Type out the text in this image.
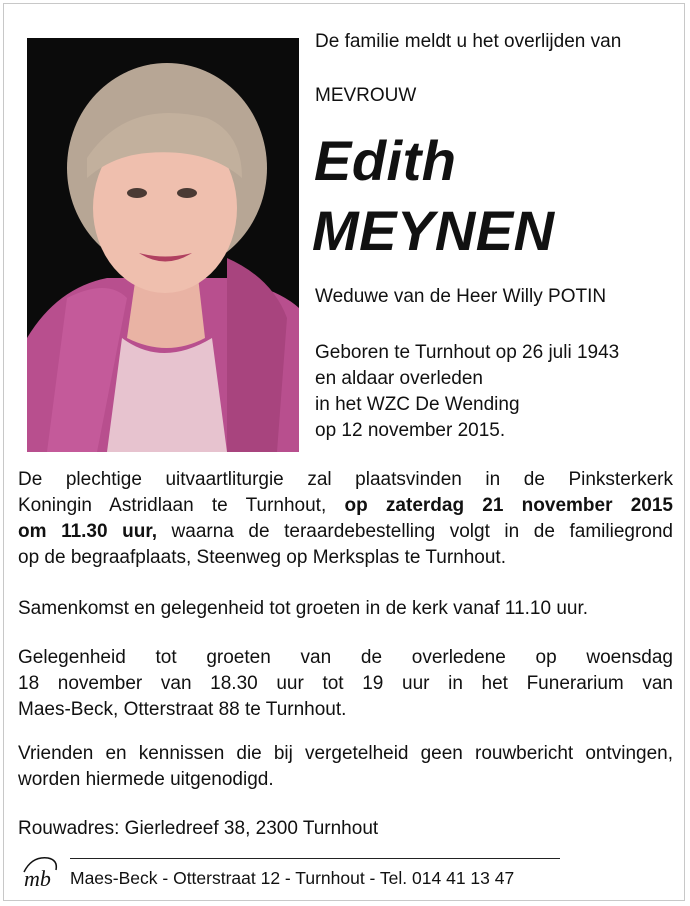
De familie meldt u het overlijden van
MEVROUW
Edith
MEYNEN
Weduwe van de Heer Willy POTIN
Geboren te Turnhout op 26 juli 1943
en aldaar overleden
in het WZC De Wending
op 12 november 2015.
De plechtige uitvaartliturgie zal plaatsvinden in de Pinksterkerk
Koningin Astridlaan te Turnhout, op zaterdag 21 november 2015
om 11.30 uur, waarna de teraardebestelling volgt in de familiegrond
op de begraafplaats, Steenweg op Merksplas te Turnhout.
Samenkomst en gelegenheid tot groeten in de kerk vanaf 11.10 uur.
Gelegenheid tot groeten van de overledene op woensdag
18 november van 18.30 uur tot 19 uur in het Funerarium van
Maes-Beck, Otterstraat 88 te Turnhout.
Vrienden en kennissen die bij vergetelheid geen rouwbericht ontvingen,
worden hiermede uitgenodigd.
Rouwadres: Gierledreef 38, 2300 Turnhout
mb Maes-Beck - Otterstraat 12 - Turnhout - Tel. 014 41 13 47
